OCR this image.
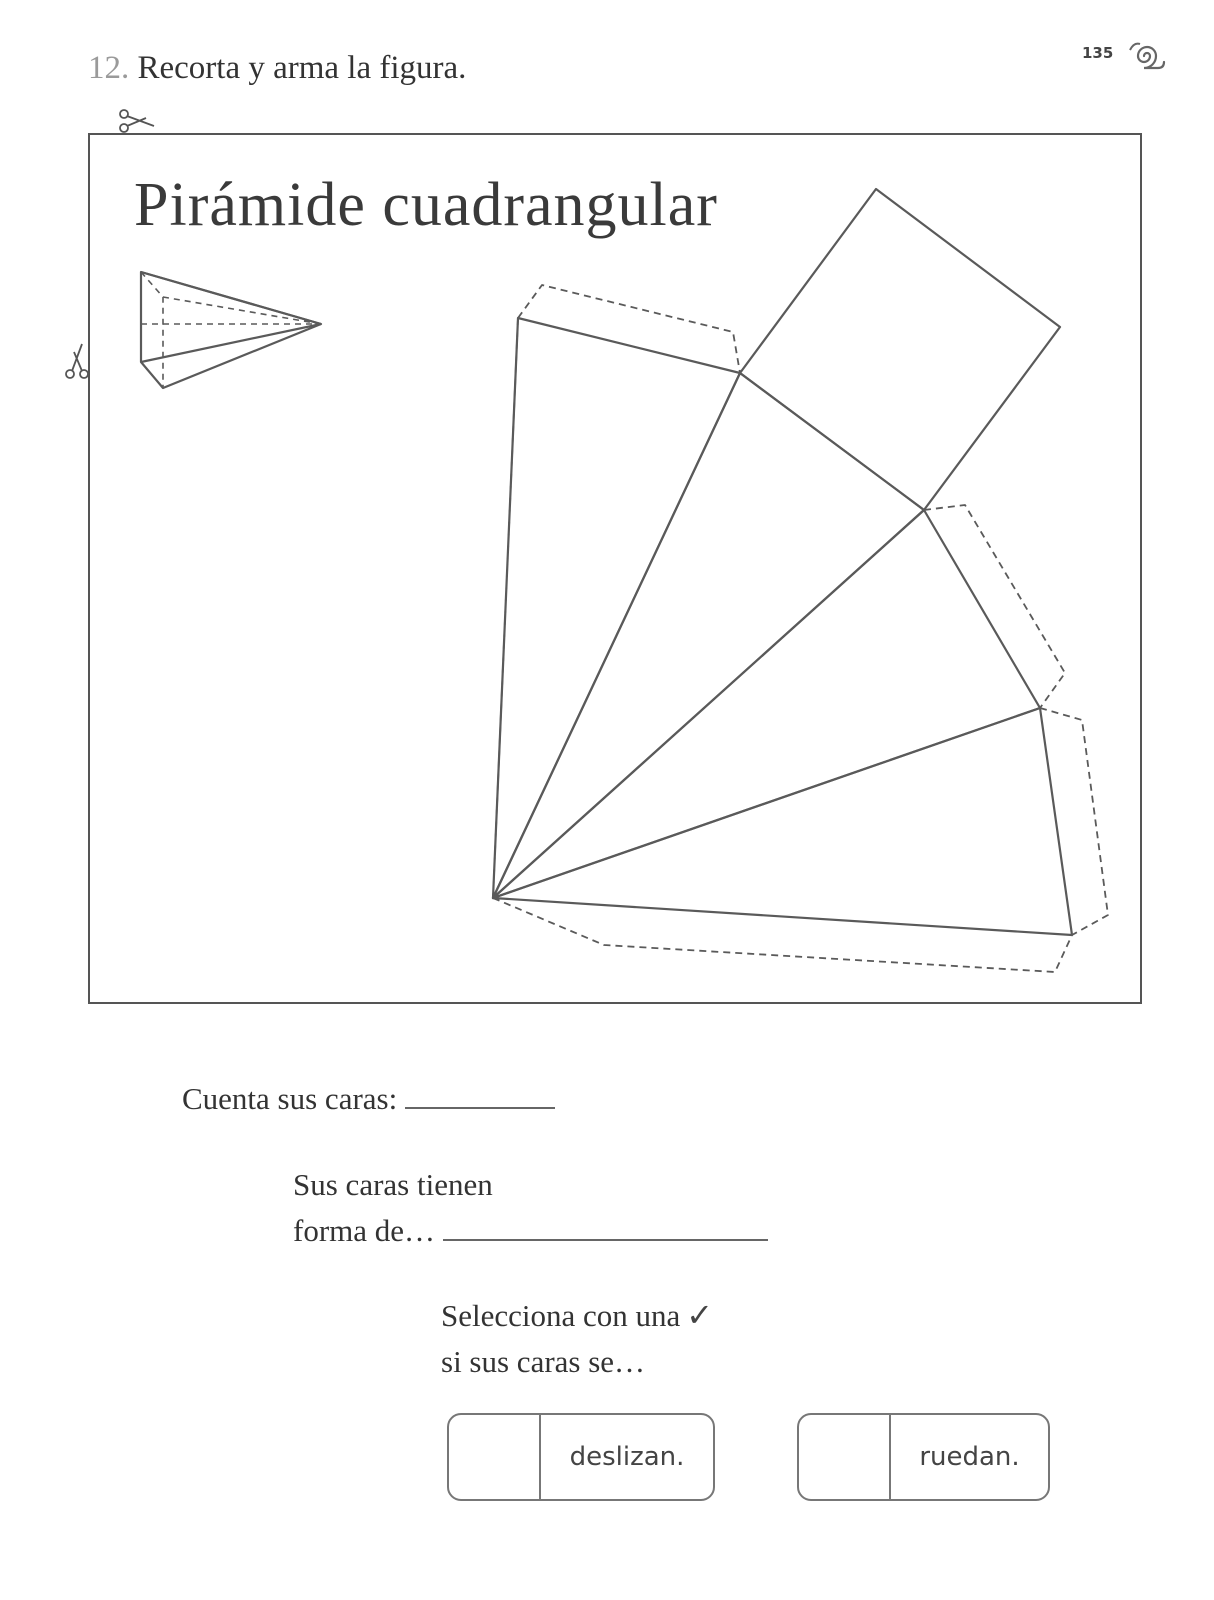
135
12. Recorta y arma la figura.
Pirámide cuadrangular
Cuenta sus caras:
Sus caras tienen
forma de…
Selecciona con una ✓
si sus caras se…
deslizan.	ruedan.
